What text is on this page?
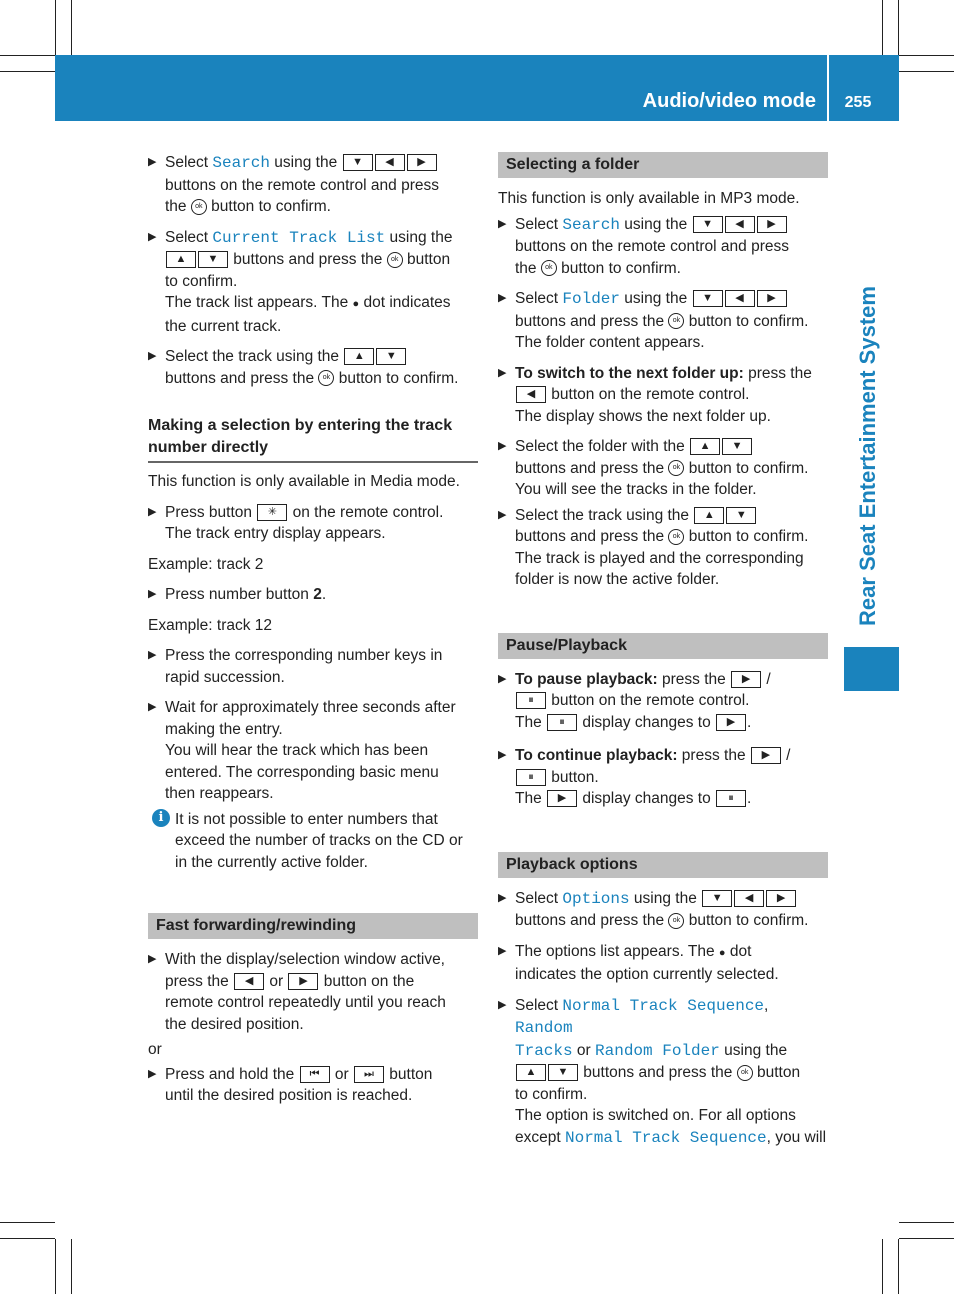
Audio/video mode	255
Rear Seat Entertainment System
▶ Select Search using the ▼ ◀ ▶
buttons on the remote control and press
the ok button to confirm.
▶ Select Current Track List using the
▲ ▼ buttons and press the ok button
to confirm.
The track list appears. The ● dot indicates
the current track.
▶ Select the track using the ▲ ▼
buttons and press the ok button to confirm.
Making a selection by entering the track number directly
This function is only available in Media mode.
▶ Press button ✳ on the remote control.
The track entry display appears.
Example: track 2
▶ Press number button 2.
Example: track 12
▶ Press the corresponding number keys in
rapid succession.
▶ Wait for approximately three seconds after
making the entry.
You will hear the track which has been
entered. The corresponding basic menu
then reappears.
i It is not possible to enter numbers that
exceed the number of tracks on the CD or
in the currently active folder.
Fast forwarding/rewinding
▶ With the display/selection window active,
press the ◀ or ▶ button on the
remote control repeatedly until you reach
the desired position.
or
▶ Press and hold the ⏮ or ⏭ button
until the desired position is reached.
Selecting a folder
This function is only available in MP3 mode.
▶ Select Search using the ▼ ◀ ▶
buttons on the remote control and press
the ok button to confirm.
▶ Select Folder using the ▼ ◀ ▶
buttons and press the ok button to confirm.
The folder content appears.
▶ To switch to the next folder up: press the
◀ button on the remote control.
The display shows the next folder up.
▶ Select the folder with the ▲ ▼
buttons and press the ok button to confirm.
You will see the tracks in the folder.
▶ Select the track using the ▲ ▼
buttons and press the ok button to confirm.
The track is played and the corresponding
folder is now the active folder.
Pause/Playback
▶ To pause playback: press the ▶ /
⏸ button on the remote control.
The ⏸ display changes to ▶ .
▶ To continue playback: press the ▶ /
⏸ button.
The ▶ display changes to ⏸ .
Playback options
▶ Select Options using the ▼ ◀ ▶
buttons and press the ok button to confirm.
▶ The options list appears. The ● dot
indicates the option currently selected.
▶ Select Normal Track Sequence, Random
Tracks or Random Folder using the
▲ ▼ buttons and press the ok button
to confirm.
The option is switched on. For all options
except Normal Track Sequence, you will
